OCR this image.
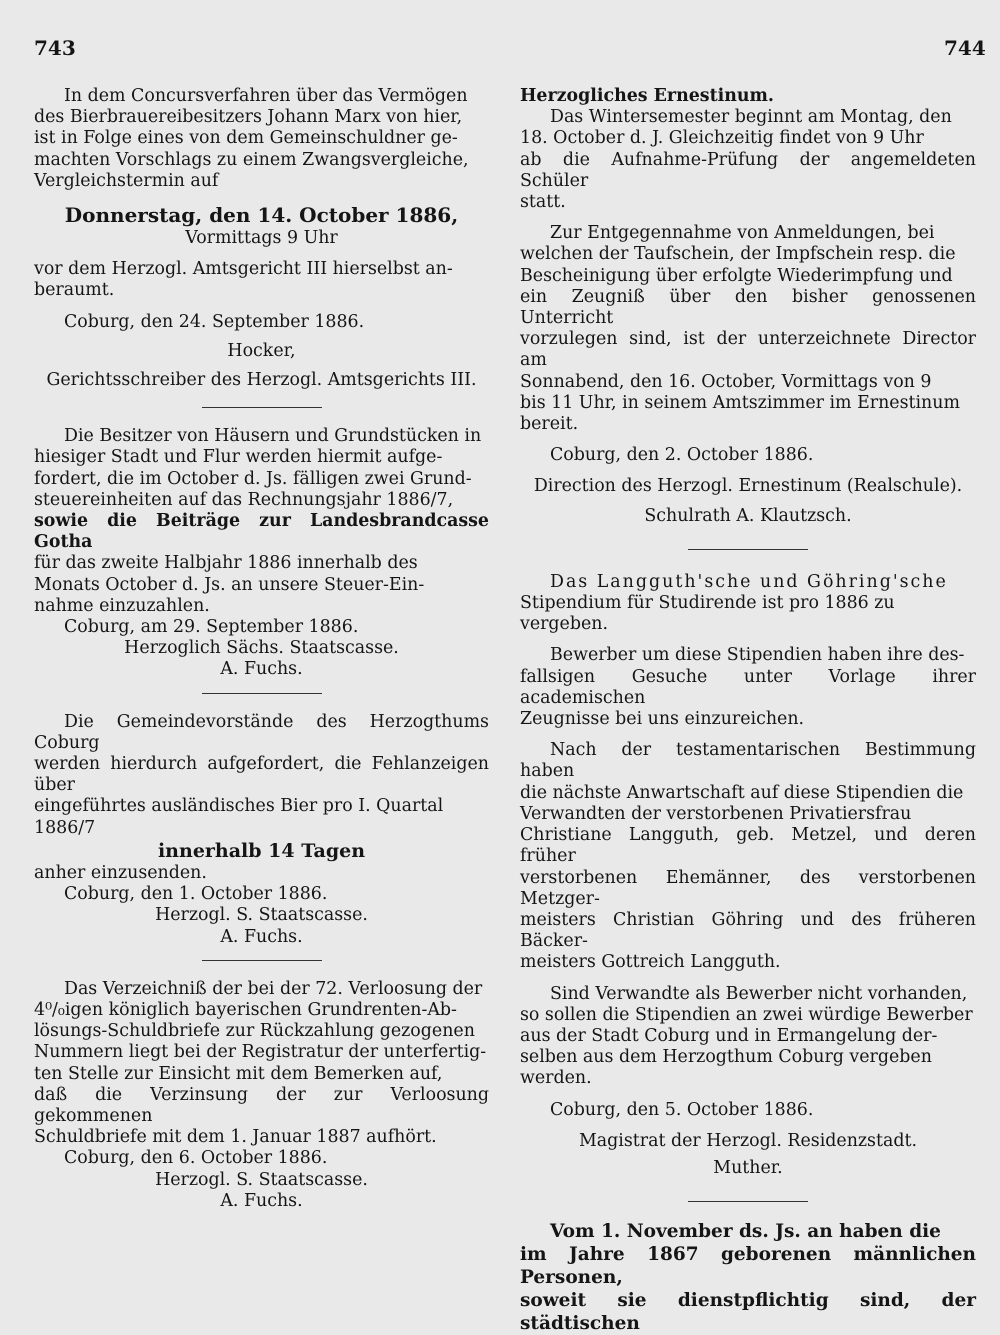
743	744

In dem Concursverfahren über das Vermögen

des Bierbrauereibesitzers Johann Marx von hier,

ist in Folge eines von dem Gemeinschuldner ge-

machten Vorschlags zu einem Zwangsvergleiche,

Vergleichstermin auf

Donnerstag, den 14. October 1886,

Vormittags 9 Uhr

vor dem Herzogl. Amtsgericht III hierselbst an-

beraumt.

Coburg, den 24. September 1886.

Hocker,

Gerichtsschreiber des Herzogl. Amtsgerichts III.

Die Besitzer von Häusern und Grundstücken in

hiesiger Stadt und Flur werden hiermit aufge-

fordert, die im October d. Js. fälligen zwei Grund-

steuereinheiten auf das Rechnungsjahr 1886/7,

sowie die Beiträge zur Landesbrandcasse Gotha

für das zweite Halbjahr 1886 innerhalb des

Monats October d. Js. an unsere Steuer-Ein-

nahme einzuzahlen.

Coburg, am 29. September 1886.

Herzoglich Sächs. Staatscasse.

A. Fuchs.

Die Gemeindevorstände des Herzogthums Coburg

werden hierdurch aufgefordert, die Fehlanzeigen über

eingeführtes ausländisches Bier pro I. Quartal

1886/7

innerhalb 14 Tagen

anher einzusenden.

Coburg, den 1. October 1886.

Herzogl. S. Staatscasse.

A. Fuchs.

Das Verzeichniß der bei der 72. Verloosung der

4⁰/₀igen königlich bayerischen Grundrenten-Ab-

lösungs-Schuldbriefe zur Rückzahlung gezogenen

Nummern liegt bei der Registratur der unterfertig-

ten Stelle zur Einsicht mit dem Bemerken auf,

daß die Verzinsung der zur Verloosung gekommenen

Schuldbriefe mit dem 1. Januar 1887 aufhört.

Coburg, den 6. October 1886.

Herzogl. S. Staatscasse.

A. Fuchs.

Herzogliches Ernestinum.

Das Wintersemester beginnt am Montag, den

18. October d. J. Gleichzeitig findet von 9 Uhr

ab die Aufnahme-Prüfung der angemeldeten Schüler

statt.

Zur Entgegennahme von Anmeldungen, bei

welchen der Taufschein, der Impfschein resp. die

Bescheinigung über erfolgte Wiederimpfung und

ein Zeugniß über den bisher genossenen Unterricht

vorzulegen sind, ist der unterzeichnete Director am

Sonnabend, den 16. October, Vormittags von 9

bis 11 Uhr, in seinem Amtszimmer im Ernestinum

bereit.

Coburg, den 2. October 1886.

Direction des Herzogl. Ernestinum (Realschule).

Schulrath A. Klautzsch.

Das Langguth'sche und Göhring'sche

Stipendium für Studirende ist pro 1886 zu

vergeben.

Bewerber um diese Stipendien haben ihre des-

fallsigen Gesuche unter Vorlage ihrer academischen

Zeugnisse bei uns einzureichen.

Nach der testamentarischen Bestimmung haben

die nächste Anwartschaft auf diese Stipendien die

Verwandten der verstorbenen Privatiersfrau

Christiane Langguth, geb. Metzel, und deren früher

verstorbenen Ehemänner, des verstorbenen Metzger-

meisters Christian Göhring und des früheren Bäcker-

meisters Gottreich Langguth.

Sind Verwandte als Bewerber nicht vorhanden,

so sollen die Stipendien an zwei würdige Bewerber

aus der Stadt Coburg und in Ermangelung der-

selben aus dem Herzogthum Coburg vergeben

werden.

Coburg, den 5. October 1886.

Magistrat der Herzogl. Residenzstadt.

Muther.

Vom 1. November ds. Js. an haben die

im Jahre 1867 geborenen männlichen Personen,

soweit sie dienstpflichtig sind, der städtischen
